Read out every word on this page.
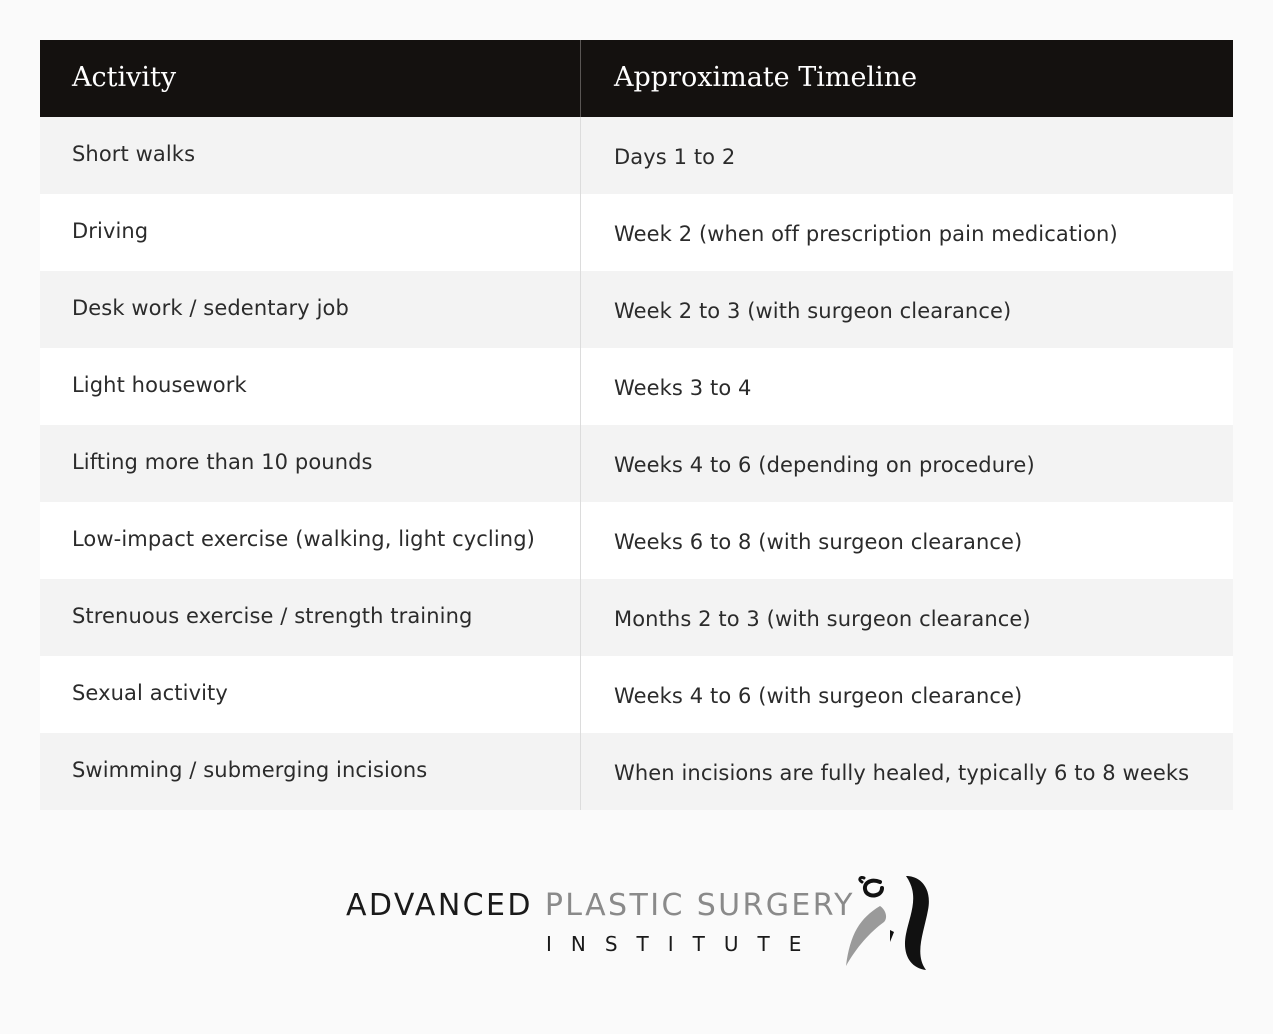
Activity	Approximate Timeline
Short walks	Days 1 to 2
Driving	Week 2 (when off prescription pain medication)
Desk work / sedentary job	Week 2 to 3 (with surgeon clearance)
Light housework	Weeks 3 to 4
Lifting more than 10 pounds	Weeks 4 to 6 (depending on procedure)
Low-impact exercise (walking, light cycling)	Weeks 6 to 8 (with surgeon clearance)
Strenuous exercise / strength training	Months 2 to 3 (with surgeon clearance)
Sexual activity	Weeks 4 to 6 (with surgeon clearance)
Swimming / submerging incisions	When incisions are fully healed, typically 6 to 8 weeks
ADVANCED PLASTIC SURGERY
INSTITUTE
